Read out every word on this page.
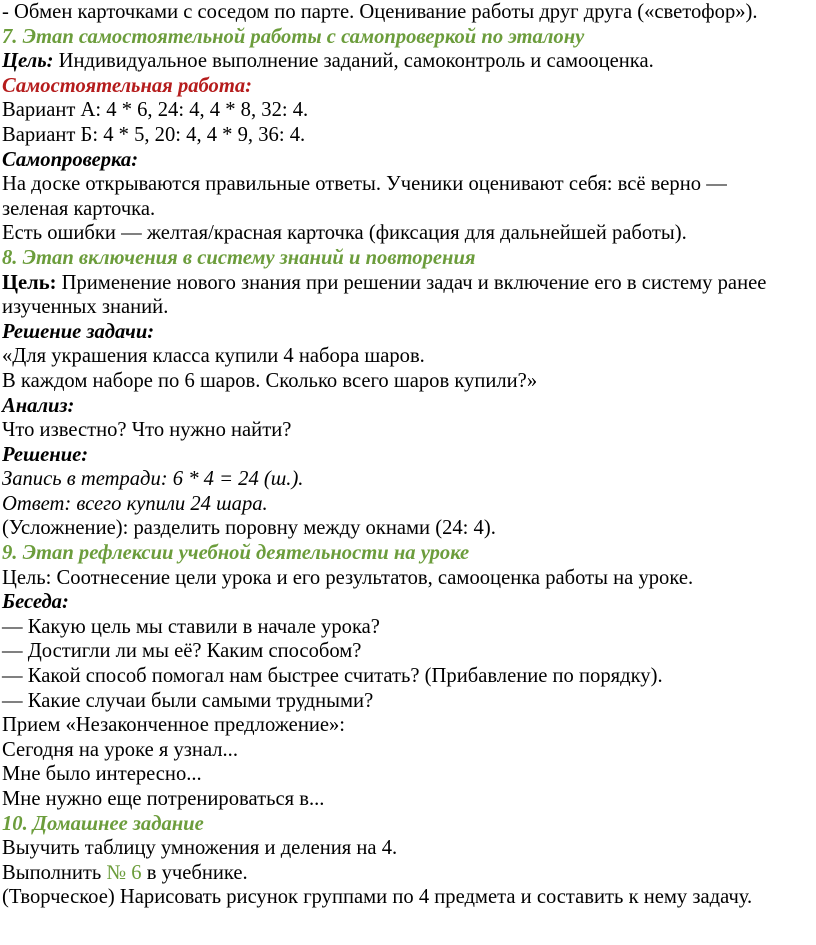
- Обмен карточками с соседом по парте. Оценивание работы друг друга («светофор»).

7. Этап самостоятельной работы с самопроверкой по эталону

Цель: Индивидуальное выполнение заданий, самоконтроль и самооценка.

Самостоятельная работа:

Вариант А: 4 * 6, 24: 4, 4 * 8, 32: 4.

Вариант Б: 4 * 5, 20: 4, 4 * 9, 36: 4.

Самопроверка:

На доске открываются правильные ответы. Ученики оценивают себя: всё верно —

зеленая карточка.

Есть ошибки — желтая/красная карточка (фиксация для дальнейшей работы).

8. Этап включения в систему знаний и повторения

Цель: Применение нового знания при решении задач и включение его в систему ранее

изученных знаний.

Решение задачи:

«Для украшения класса купили 4 набора шаров.

В каждом наборе по 6 шаров. Сколько всего шаров купили?»

Анализ:

Что известно? Что нужно найти?

Решение:

Запись в тетради: 6 * 4 = 24 (ш.).

Ответ: всего купили 24 шара.

(Усложнение): разделить поровну между окнами (24: 4).

9. Этап рефлексии учебной деятельности на уроке

Цель: Соотнесение цели урока и его результатов, самооценка работы на уроке.

Беседа:

— Какую цель мы ставили в начале урока?

— Достигли ли мы её? Каким способом?

— Какой способ помогал нам быстрее считать? (Прибавление по порядку).

— Какие случаи были самыми трудными?

Прием «Незаконченное предложение»:

Сегодня на уроке я узнал...

Мне было интересно...

Мне нужно еще потренироваться в...

10. Домашнее задание

Выучить таблицу умножения и деления на 4.

Выполнить № 6 в учебнике.

(Творческое) Нарисовать рисунок группами по 4 предмета и составить к нему задачу.
